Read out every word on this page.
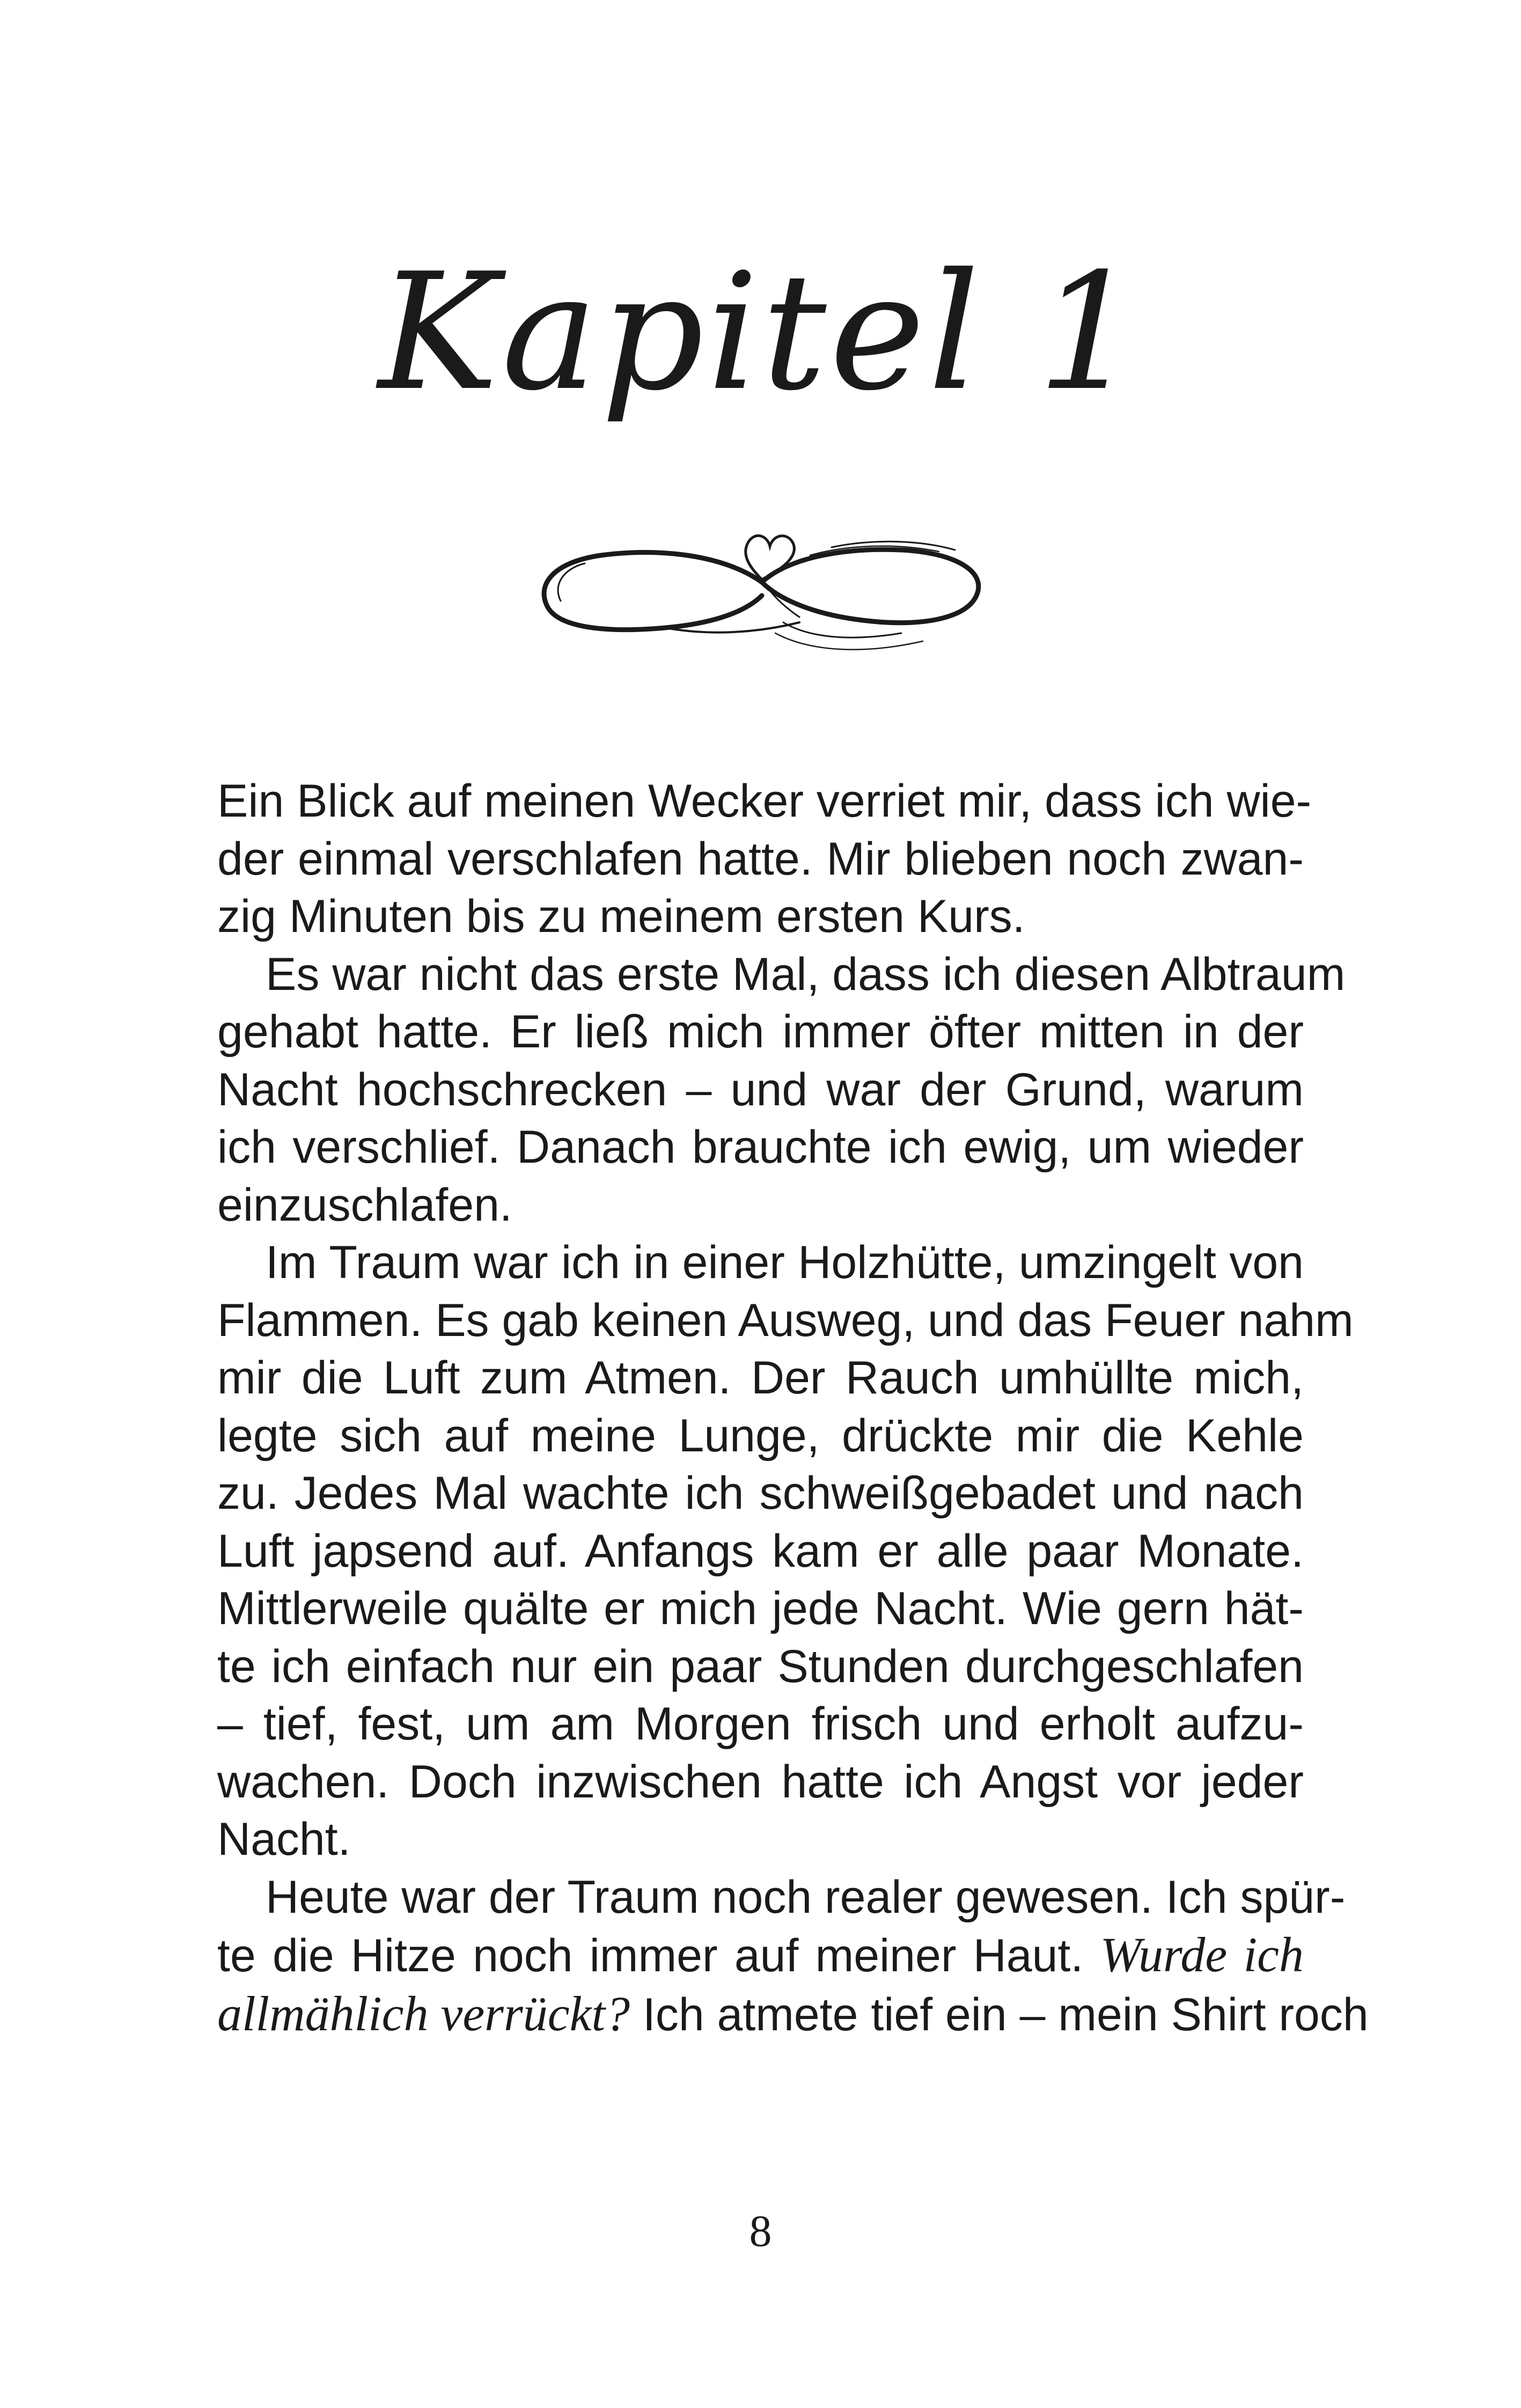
Kapitel 1
Ein Blick auf meinen Wecker verriet mir, dass ich wie-
der einmal verschlafen hatte. Mir blieben noch zwan-
zig Minuten bis zu meinem ersten Kurs.
Es war nicht das erste Mal, dass ich diesen Albtraum
gehabt hatte. Er ließ mich immer öfter mitten in der
Nacht hochschrecken – und war der Grund, warum
ich verschlief. Danach brauchte ich ewig, um wieder
einzuschlafen.
Im Traum war ich in einer Holzhütte, umzingelt von
Flammen. Es gab keinen Ausweg, und das Feuer nahm
mir die Luft zum Atmen. Der Rauch umhüllte mich,
legte sich auf meine Lunge, drückte mir die Kehle
zu. Jedes Mal wachte ich schweißgebadet und nach
Luft japsend auf. Anfangs kam er alle paar Monate.
Mittlerweile quälte er mich jede Nacht. Wie gern hät-
te ich einfach nur ein paar Stunden durchgeschlafen
– tief, fest, um am Morgen frisch und erholt aufzu-
wachen. Doch inzwischen hatte ich Angst vor jeder
Nacht.
Heute war der Traum noch realer gewesen. Ich spür-
te die Hitze noch immer auf meiner Haut. Wurde ich
allmählich verrückt? Ich atmete tief ein – mein Shirt roch
8
